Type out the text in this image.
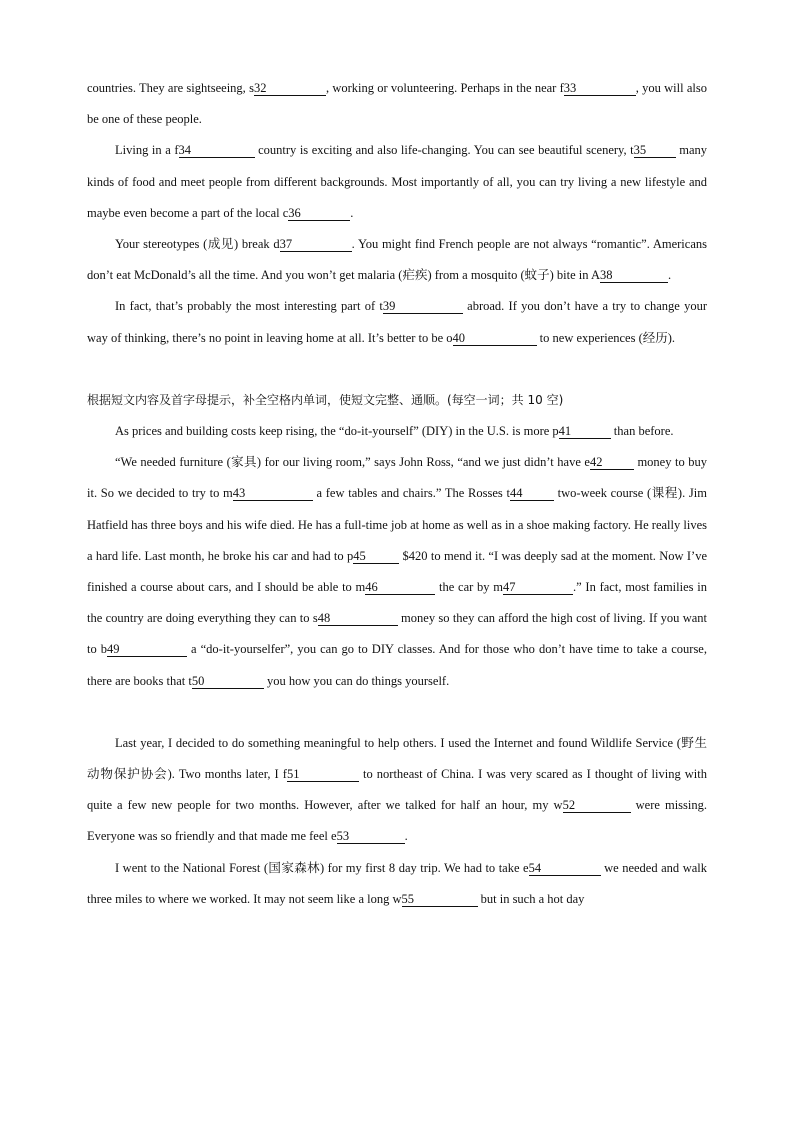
countries. They are sightseeing, s32	, working or volunteering. Perhaps in the near f33	, you will also be one of these people.

Living in a f34	country is exciting and also life-changing. You can see beautiful scenery, t35 many kinds of food and meet people from different backgrounds. Most importantly of all, you can try living a new lifestyle and maybe even become a part of the local c36	.

Your stereotypes (成见) break d37	. You might find French people are not always “romantic”. Americans don’t eat McDonald’s all the time. And you won’t get malaria (疟疾) from a mosquito (蚊子) bite in A38	.

In fact, that’s probably the most interesting part of t39	abroad. If you don’t have a try to change your way of thinking, there’s no point in leaving home at all. It’s better to be o40	to new experiences (经历).

根据短文内容及首字母提示，补全空格内单词，使短文完整、通顺。(每空一词；共 10 空)

As prices and building costs keep rising, the “do-it-yourself” (DIY) in the U.S. is more p41	than before.

“We needed furniture (家具) for our living room,” says John Ross, “and we just didn’t have e42	money to buy it. So we decided to try to m43	a few tables and chairs.” The Rosses t44	two-week course (课程). Jim Hatfield has three boys and his wife died. He has a full-time job at home as well as in a shoe making factory. He really lives a hard life. Last month, he broke his car and had to p45	$420 to mend it. “I was deeply sad at the moment. Now I’ve finished a course about cars, and I should be able to m46	the car by m47	.” In fact, most families in the country are doing everything they can to s48	money so they can afford the high cost of living. If you want to b49	a “do-it-yourselfer”, you can go to DIY classes. And for those who don’t have time to take a course, there are books that t50	you how you can do things yourself.

Last year, I decided to do something meaningful to help others. I used the Internet and found Wildlife Service (野生动物保护协会). Two months later, I f51	to northeast of China. I was very scared as I thought of living with quite a few new people for two months. However, after we talked for half an hour, my w52	were missing. Everyone was so friendly and that made me feel e53	.

I went to the National Forest (国家森林) for my first 8 day trip. We had to take e54	we needed and walk three miles to where we worked. It may not seem like a long w55	but in such a hot day
